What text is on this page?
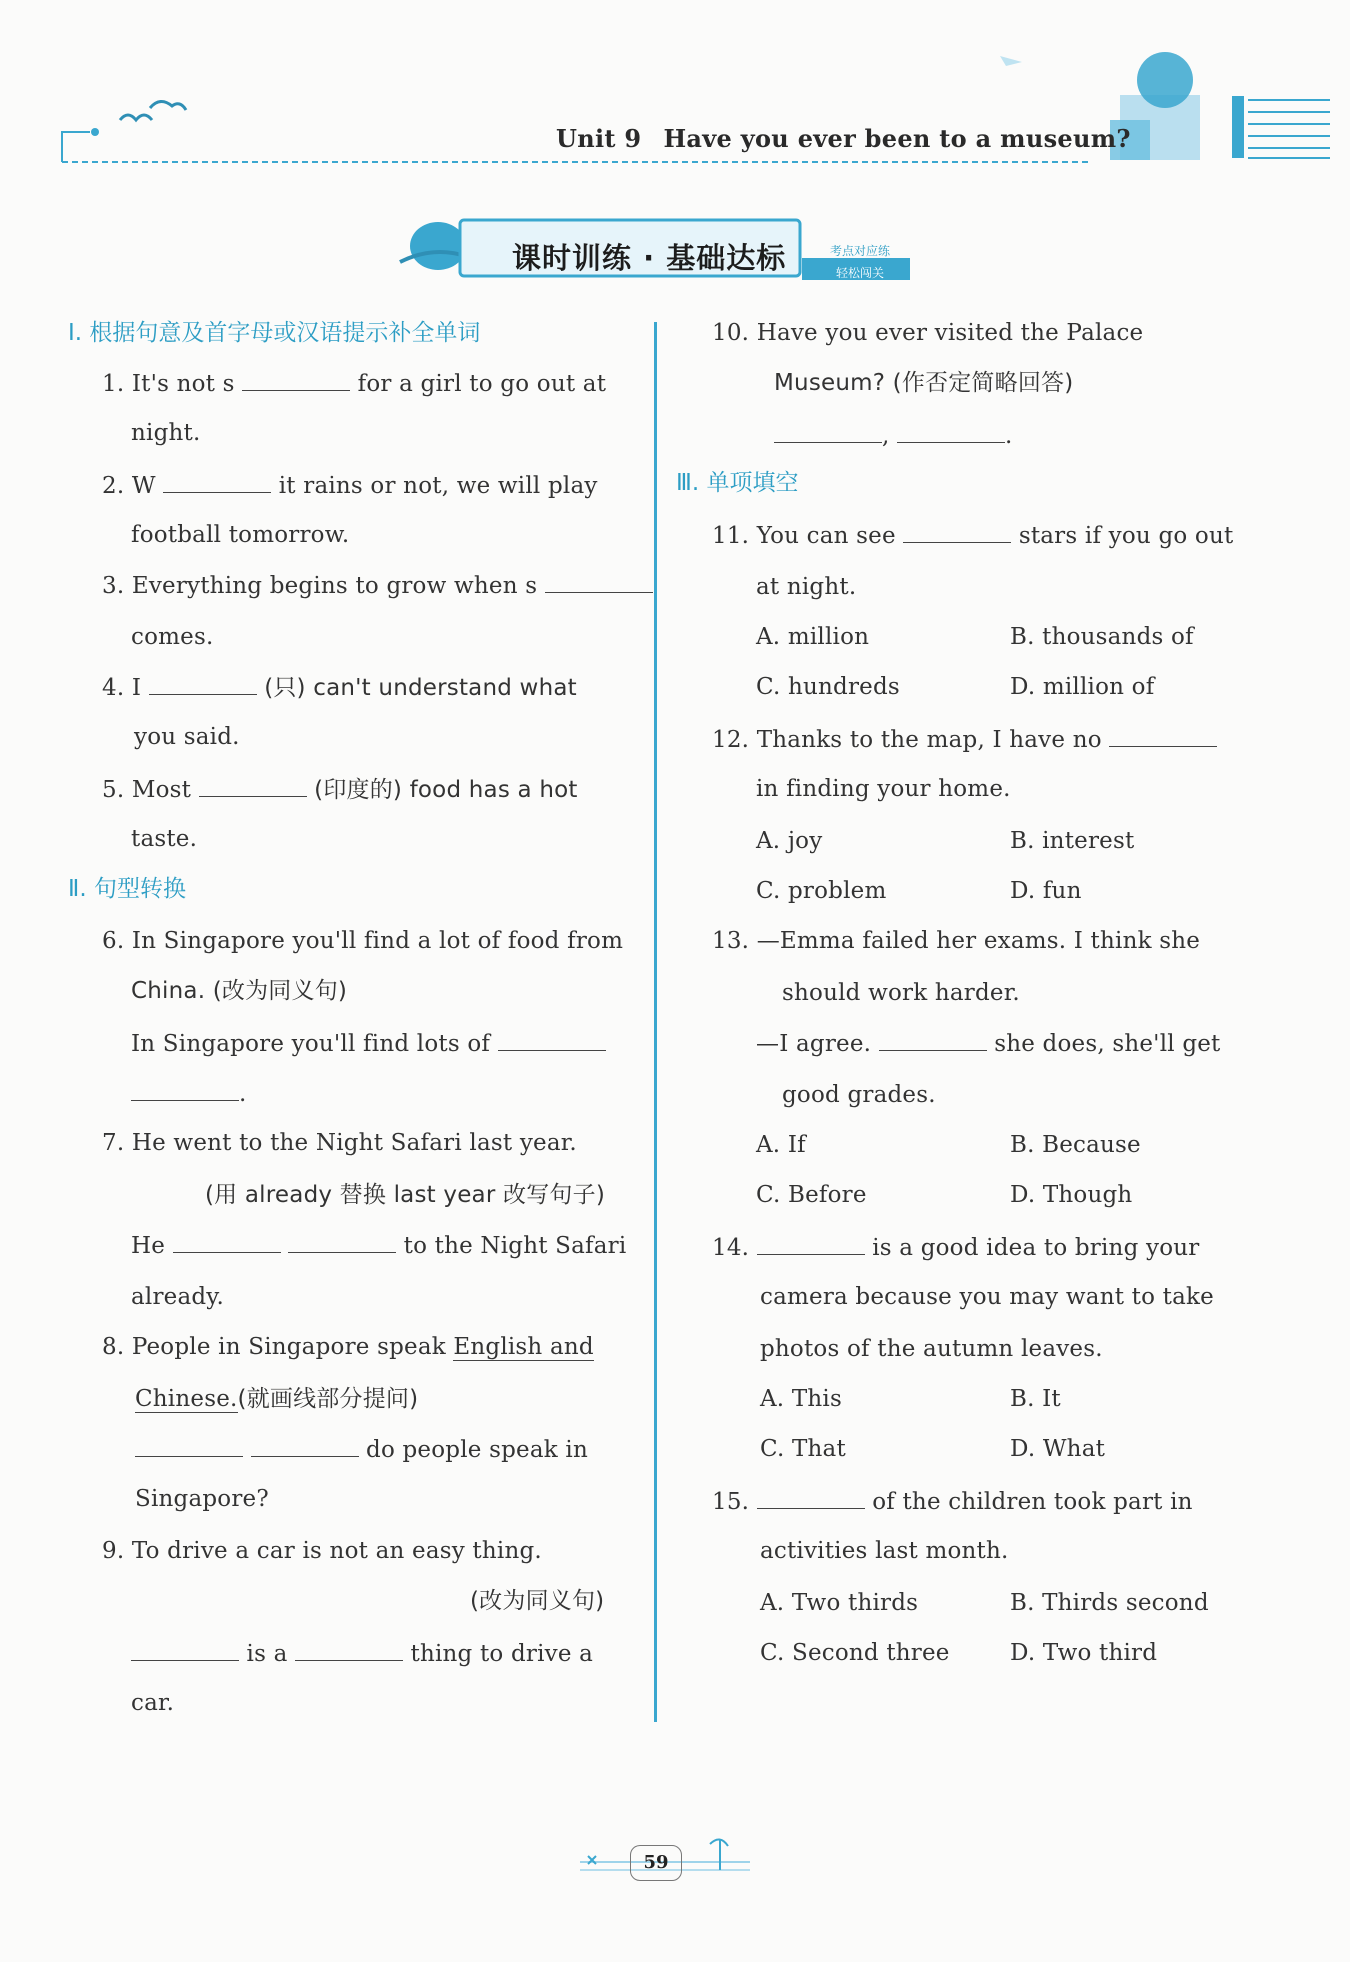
Unit 9 Have you ever been to a museum?
课时训练 · 基础达标	考点对应练
轻松闯关
Ⅰ. 根据句意及首字母或汉语提示补全单词
1. It's not s	for a girl to go out at
night.
2. W	it rains or not, we will play
football tomorrow.
3. Everything begins to grow when s
comes.
4. I	(只) can't understand what
you said.
5. Most	(印度的) food has a hot
taste.
Ⅱ. 句型转换
6. In Singapore you'll find a lot of food from
China. (改为同义句)
In Singapore you'll find lots of
.
7. He went to the Night Safari last year.
(用 already 替换 last year 改写句子)
He	to the Night Safari
already.
8. People in Singapore speak English and
Chinese.(就画线部分提问)
do people speak in
Singapore?
9. To drive a car is not an easy thing.
(改为同义句)
is a	thing to drive a
car.
10. Have you ever visited the Palace
Museum? (作否定简略回答)
,	.
Ⅲ. 单项填空
11. You can see	stars if you go out
at night.
A. million	B. thousands of
C. hundreds	D. million of
12. Thanks to the map, I have no
in finding your home.
A. joy	B. interest
C. problem	D. fun
13. —Emma failed her exams. I think she
should work harder.
—I agree.	she does, she'll get
good grades.
A. If	B. Because
C. Before	D. Though
14.	is a good idea to bring your
camera because you may want to take
photos of the autumn leaves.
A. This	B. It
C. That	D. What
15.	of the children took part in
activities last month.
A. Two thirds	B. Thirds second
C. Second three	D. Two third
59
